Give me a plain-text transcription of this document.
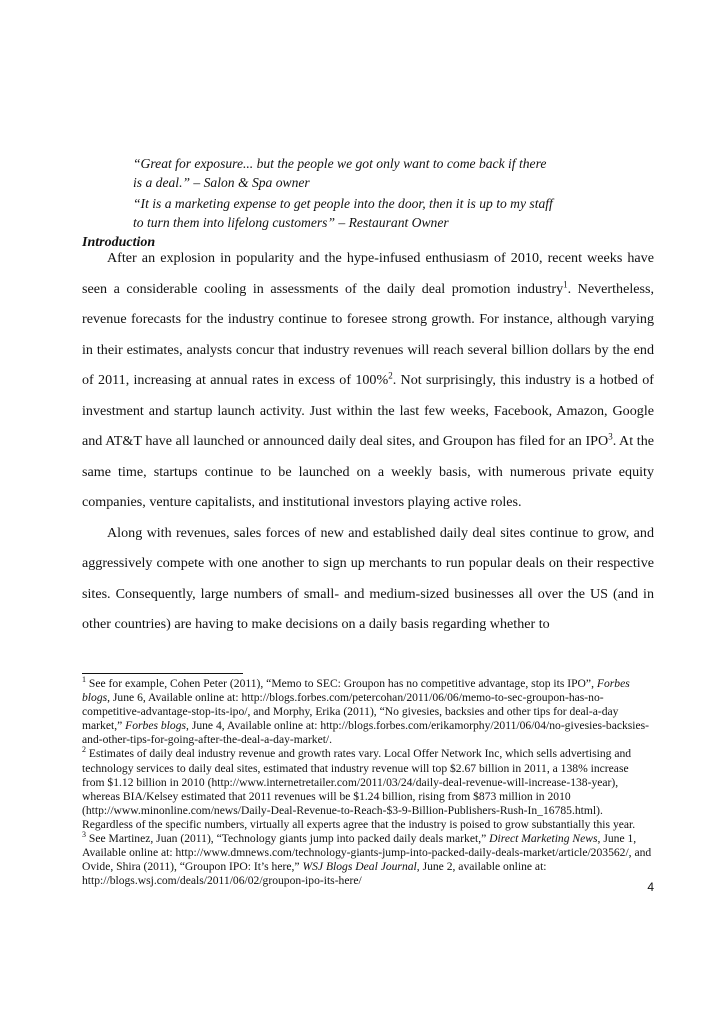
“Great for exposure... but the people we got only want to come back if there

is a deal.” – Salon & Spa owner

“It is a marketing expense to get people into the door, then it is up to my staff

to turn them into lifelong customers” – Restaurant Owner

Introduction

After an explosion in popularity and the hype-infused enthusiasm of 2010, recent weeks have seen a considerable cooling in assessments of the daily deal promotion industry$^1$. Nevertheless, revenue forecasts for the industry continue to foresee strong growth. For instance, although varying in their estimates, analysts concur that industry revenues will reach several billion dollars by the end of 2011, increasing at annual rates in excess of 100%$^2$. Not surprisingly, this industry is a hotbed of investment and startup launch activity. Just within the last few weeks, Facebook, Amazon, Google and AT&T have all launched or announced daily deal sites, and Groupon has filed for an IPO$^3$. At the same time, startups continue to be launched on a weekly basis, with numerous private equity companies, venture capitalists, and institutional investors playing active roles.

Along with revenues, sales forces of new and established daily deal sites continue to grow, and aggressively compete with one another to sign up merchants to run popular deals on their respective sites. Consequently, large numbers of small- and medium-sized businesses all over the US (and in other countries) are having to make decisions on a daily basis regarding whether to

$^1$ See for example, Cohen Peter (2011), “Memo to SEC: Groupon has no competitive advantage, stop its IPO”, Forbes blogs, June 6, Available online at: http://blogs.forbes.com/petercohan/2011/06/06/memo-to-sec-groupon-has-no-competitive-advantage-stop-its-ipo/, and Morphy, Erika (2011), “No givesies, backsies and other tips for deal-a-day market,” Forbes blogs, June 4, Available online at: http://blogs.forbes.com/erikamorphy/2011/06/04/no-givesies-backsies-and-other-tips-for-going-after-the-deal-a-day-market/.

$^2$ Estimates of daily deal industry revenue and growth rates vary. Local Offer Network Inc, which sells advertising and technology services to daily deal sites, estimated that industry revenue will top $2.67 billion in 2011, a 138% increase from $1.12 billion in 2010 (http://www.internetretailer.com/2011/03/24/daily-deal-revenue-will-increase-138-year), whereas BIA/Kelsey estimated that 2011 revenues will be $1.24 billion, rising from $873 million in 2010 (http://www.minonline.com/news/Daily-Deal-Revenue-to-Reach-$3-9-Billion-Publishers-Rush-In_16785.html). Regardless of the specific numbers, virtually all experts agree that the industry is poised to grow substantially this year.

$^3$ See Martinez, Juan (2011), “Technology giants jump into packed daily deals market,” Direct Marketing News, June 1, Available online at: http://www.dmnews.com/technology-giants-jump-into-packed-daily-deals-market/article/203562/, and Ovide, Shira (2011), “Groupon IPO: It’s here,” WSJ Blogs Deal Journal, June 2, available online at: http://blogs.wsj.com/deals/2011/06/02/groupon-ipo-its-here/	4
